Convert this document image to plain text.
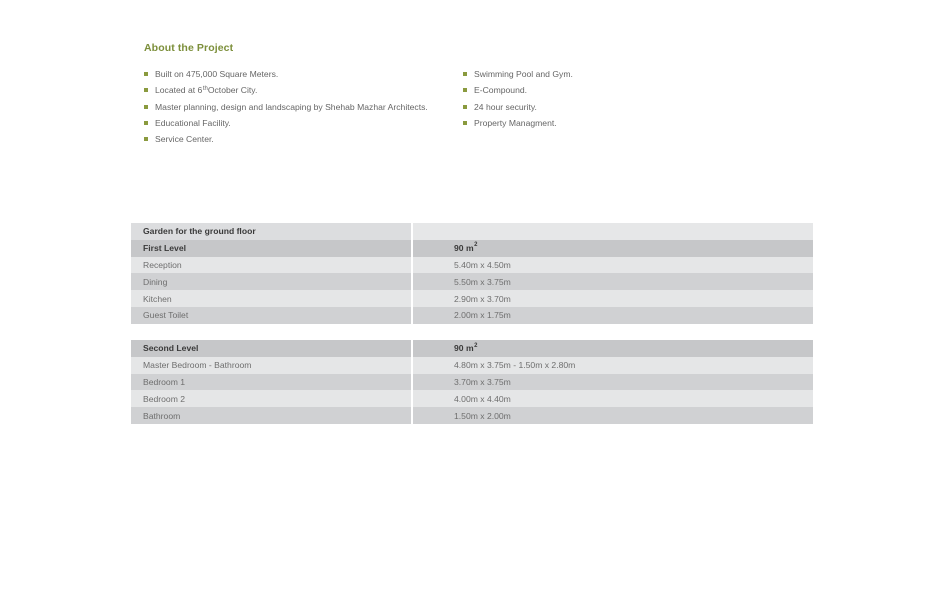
About the Project
Built on 475,000 Square Meters.
Located at 6th October City.
Master planning, design and landscaping by Shehab Mazhar Architects.
Educational Facility.
Service Center.
Swimming Pool and Gym.
E-Compound.
24 hour security.
Property Managment.
Garden for the ground floor	
First Level	90 $m^2$
Reception	5.40m x 4.50m
Dining	5.50m x 3.75m
Kitchen	2.90m x 3.70m
Guest Toilet	2.00m x 1.75m
Second Level	90 $m^2$
Master Bedroom - Bathroom	4.80m x 3.75m - 1.50m x 2.80m
Bedroom 1	3.70m x 3.75m
Bedroom 2	4.00m x 4.40m
Bathroom	1.50m x 2.00m
